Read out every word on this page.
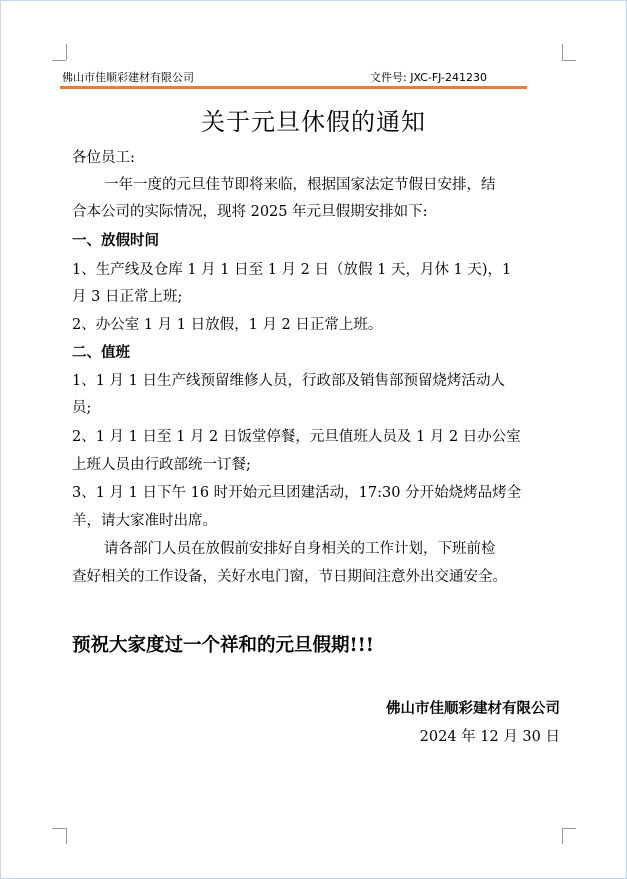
佛山市佳顺彩建材有限公司	文件号: JXC-FJ-241230
关于元旦休假的通知
各位员工:
一年一度的元旦佳节即将来临，根据国家法定节假日安排，结
合本公司的实际情况，现将 2025 年元旦假期安排如下:
一、放假时间
1、生产线及仓库 1 月 1 日至 1 月 2 日（放假 1 天，月休 1 天)，1
月 3 日正常上班;
2、办公室 1 月 1 日放假，1 月 2 日正常上班。
二、值班
1、1 月 1 日生产线预留维修人员，行政部及销售部预留烧烤活动人
员;
2、1 月 1 日至 1 月 2 日饭堂停餐，元旦值班人员及 1 月 2 日办公室
上班人员由行政部统一订餐;
3、1 月 1 日下午 16 时开始元旦团建活动，17:30 分开始烧烤品烤全
羊，请大家准时出席。
请各部门人员在放假前安排好自身相关的工作计划，下班前检
查好相关的工作设备，关好水电门窗，节日期间注意外出交通安全。
预祝大家度过一个祥和的元旦假期!!!
佛山市佳顺彩建材有限公司
2024 年 12 月 30 日
